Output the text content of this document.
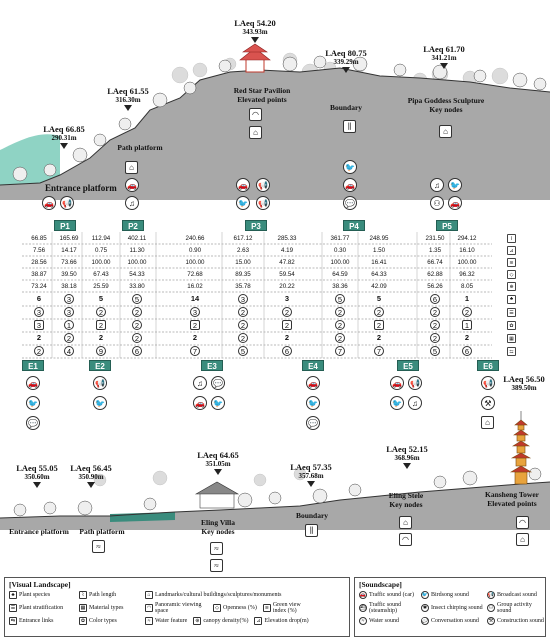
LAeq 66.85
290.31m
Entrance platform
LAeq 61.55
316.30m
Path platform
LAeq 54.20
343.93m
Red Star Pavilion
Elevated points
LAeq 80.75
339.29m
Boundary
LAeq 61.70
341.21m
Pipa Goddess Sculpture
Key nodes
⌂
◠
⌂
∥
⌂
🚗 📢
🚗
♫
🚗 📢
🐦 📢
🐦
🚗
💬
♫	🐦
⚇	🚗
P1	P2	P3	P4	P5
66.85	165.69	112.94	402.11	240.66	617.12	285.33	361.77	248.95	231.50	294.12
7.56	14.17	0.75	11.30	0.90	2.63	4.19	0.30	1.50	1.35	16.10
28.56	73.66	100.00	100.00	100.00	15.00	47.82	100.00	16.41	66.74	100.00
38.87	39.50	67.43	54.33	72.68	89.35	59.54	64.59	64.33	62.88	96.32
73.24	38.18	25.59	33.80	16.02	35.78	20.22	38.36	42.09	56.26	8.05
6	3	5	5	14	3	3	5	5	6	1
3	3	2	2	3	2	2	2	2	2	2
3	1	2	2	2	2	2	2	2	2	1
2	2	2	2	2	2	2	2	2	2	2
2	4	9	6	7	5	6	7	7	5	6
⌇
⊿
≋
◇
⊕
♣
☰
✿
▦
⇆
E1	E2	E3	E4	E5	E6
🚗
🐦
💬
📢
🐦
♫	💬
🚗 🐦
🚗
🐦
💬
🚗 📢
🐦	♫
📢
⚒
⌂
LAeq 55.05
350.60m
Entrance platform
LAeq 56.45
350.90m
Path platform
LAeq 64.65
351.05m
Eling Villa
Key nodes
≈
≈
≈
LAeq 57.35
357.68m
Boundary
∥
LAeq 52.15
368.96m
Eling Stele
Key nodes
⌂
◠
LAeq 56.50
389.50m
Kansheng Tower
Elevated points
◠
⌂
[Visual Landscape]
♣ Plant species	⌇ Path length	⌂ Landmarks/cultural buildings/sculptures/monuments
☰ Plant stratification	▦ Material types	◠ Panoramic viewing space	◇ Openness (%)	≋ Green view index (%)
⇆ Entrance links	✿ Color types	≈ Water feature	⊕ canopy density(%)	⊿ Elevation drop(m)
[Soundscape]
🚗 Traffic sound (car) 🐦 Birdsong sound	📢 Broadcast sound
⛴ Traffic sound (steamship)	✱ Insect chirping sound	⚇ Group activity sound
≈ Water sound	💬 Conversation sound	⚒ Construction sound
